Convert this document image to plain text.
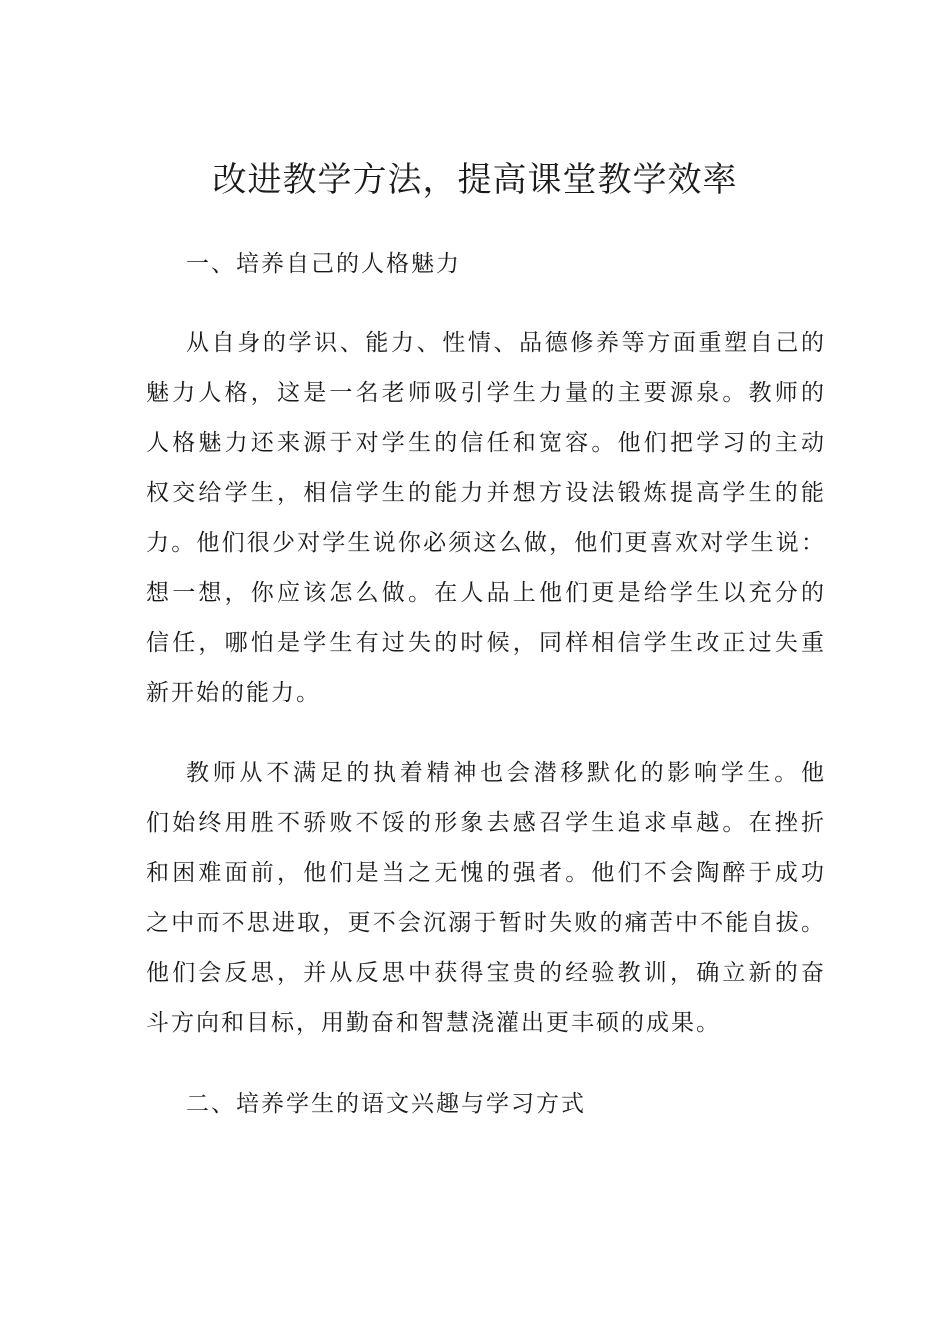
改进教学方法，提高课堂教学效率
一、培养自己的人格魅力
从自身的学识、能力、性情、品德修养等方面重塑自己的
魅力人格，这是一名老师吸引学生力量的主要源泉。教师的
人格魅力还来源于对学生的信任和宽容。他们把学习的主动
权交给学生，相信学生的能力并想方设法锻炼提高学生的能
力。他们很少对学生说你必须这么做，他们更喜欢对学生说：
想一想，你应该怎么做。在人品上他们更是给学生以充分的
信任，哪怕是学生有过失的时候，同样相信学生改正过失重
新开始的能力。
教师从不满足的执着精神也会潜移默化的影响学生。他
们始终用胜不骄败不馁的形象去感召学生追求卓越。在挫折
和困难面前，他们是当之无愧的强者。他们不会陶醉于成功
之中而不思进取，更不会沉溺于暂时失败的痛苦中不能自拔。
他们会反思，并从反思中获得宝贵的经验教训，确立新的奋
斗方向和目标，用勤奋和智慧浇灌出更丰硕的成果。
二、培养学生的语文兴趣与学习方式
